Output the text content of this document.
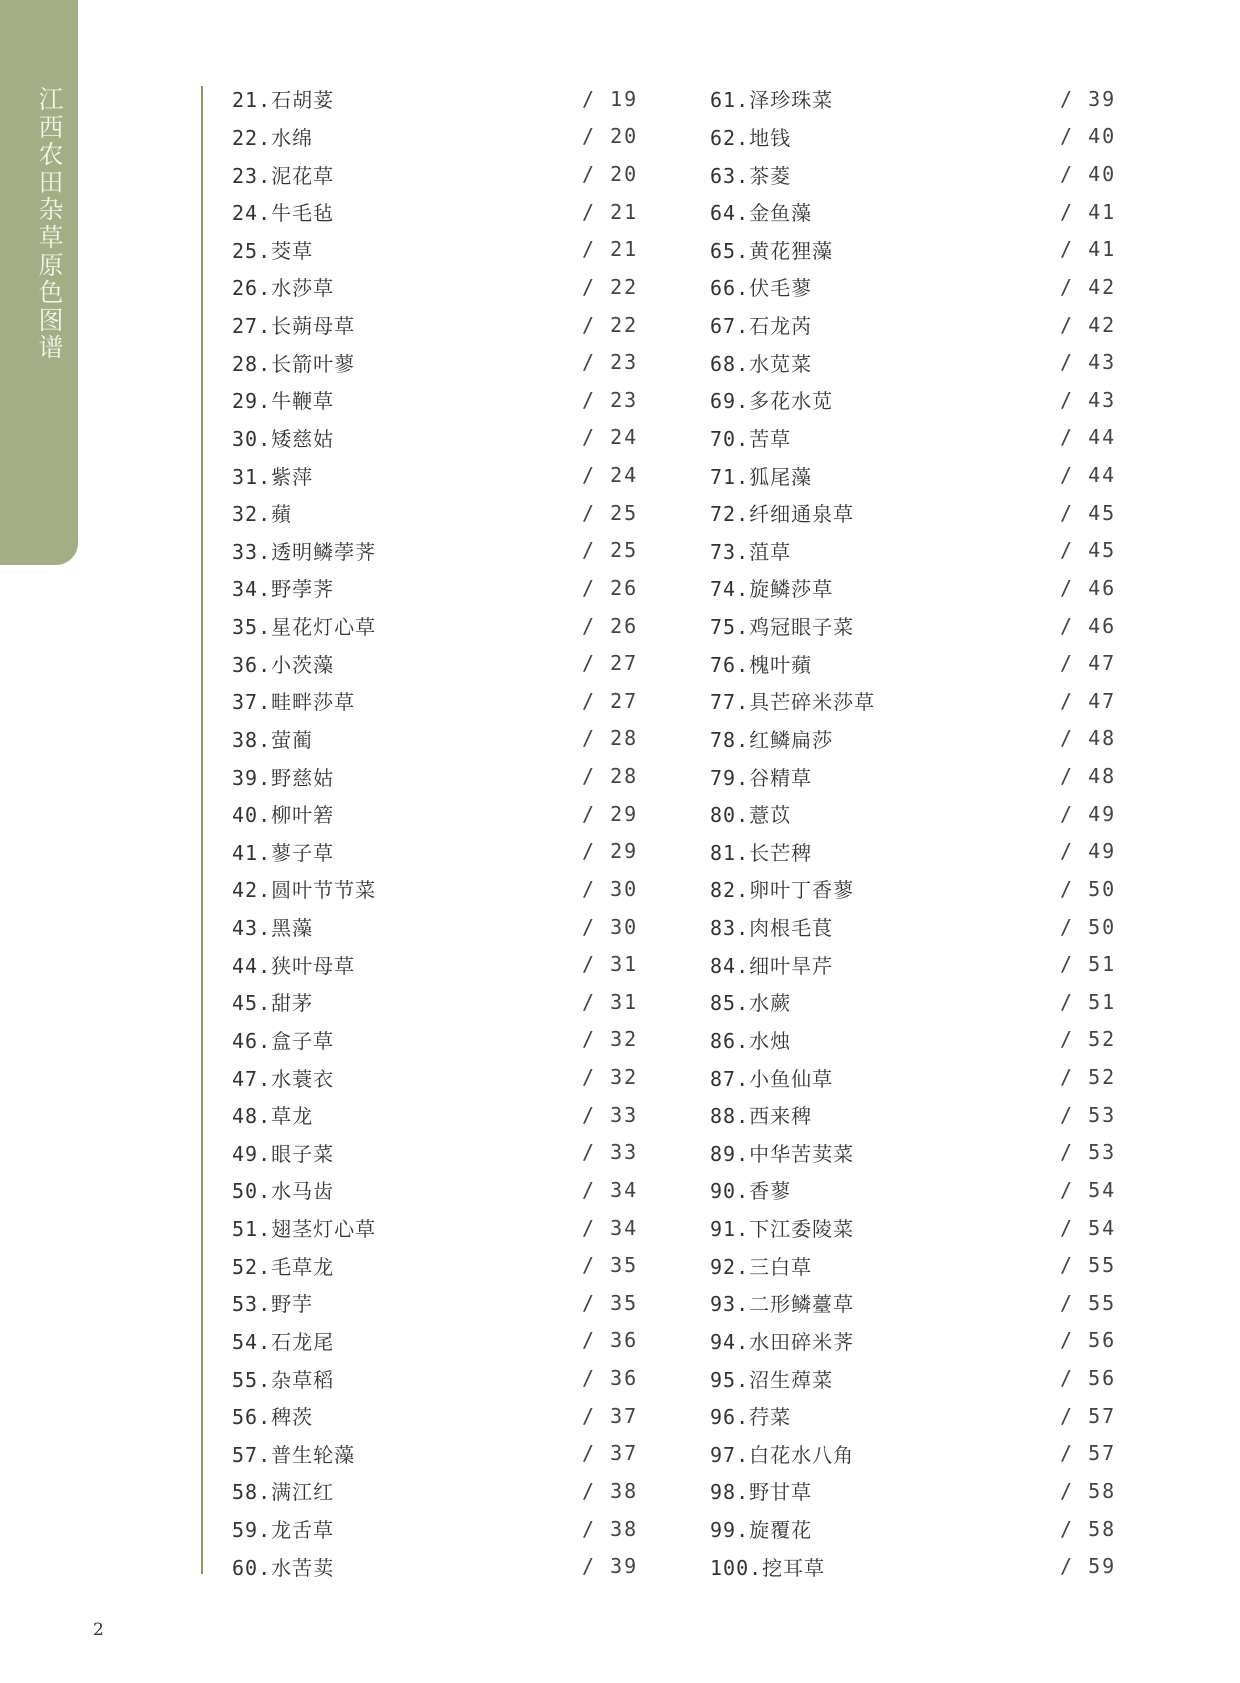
江西农田杂草原色图谱
21.石胡荽	/ 19
22.水绵	/ 20
23.泥花草	/ 20
24.牛毛毡	/ 21
25.茭草	/ 21
26.水莎草	/ 22
27.长蒴母草	/ 22
28.长箭叶蓼	/ 23
29.牛鞭草	/ 23
30.矮慈姑	/ 24
31.紫萍	/ 24
32.蘋	/ 25
33.透明鳞荸荠	/ 25
34.野荸荠	/ 26
35.星花灯心草	/ 26
36.小茨藻	/ 27
37.畦畔莎草	/ 27
38.萤蔺	/ 28
39.野慈姑	/ 28
40.柳叶箬	/ 29
41.蓼子草	/ 29
42.圆叶节节菜	/ 30
43.黑藻	/ 30
44.狭叶母草	/ 31
45.甜茅	/ 31
46.盒子草	/ 32
47.水蓑衣	/ 32
48.草龙	/ 33
49.眼子菜	/ 33
50.水马齿	/ 34
51.翅茎灯心草	/ 34
52.毛草龙	/ 35
53.野芋	/ 35
54.石龙尾	/ 36
55.杂草稻	/ 36
56.稗茨	/ 37
57.普生轮藻	/ 37
58.满江红	/ 38
59.龙舌草	/ 38
60.水苦荬	/ 39
61.泽珍珠菜	/ 39
62.地钱	/ 40
63.茶菱	/ 40
64.金鱼藻	/ 41
65.黄花狸藻	/ 41
66.伏毛蓼	/ 42
67.石龙芮	/ 42
68.水苋菜	/ 43
69.多花水苋	/ 43
70.苦草	/ 44
71.狐尾藻	/ 44
72.纤细通泉草	/ 45
73.菹草	/ 45
74.旋鳞莎草	/ 46
75.鸡冠眼子菜	/ 46
76.槐叶蘋	/ 47
77.具芒碎米莎草	/ 47
78.红鳞扁莎	/ 48
79.谷精草	/ 48
80.薏苡	/ 49
81.长芒稗	/ 49
82.卵叶丁香蓼	/ 50
83.肉根毛茛	/ 50
84.细叶旱芹	/ 51
85.水蕨	/ 51
86.水烛	/ 52
87.小鱼仙草	/ 52
88.西来稗	/ 53
89.中华苦荬菜	/ 53
90.香蓼	/ 54
91.下江委陵菜	/ 54
92.三白草	/ 55
93.二形鳞薹草	/ 55
94.水田碎米荠	/ 56
95.沼生蔊菜	/ 56
96.荇菜	/ 57
97.白花水八角	/ 57
98.野甘草	/ 58
99.旋覆花	/ 58
100.挖耳草	/ 59
2
